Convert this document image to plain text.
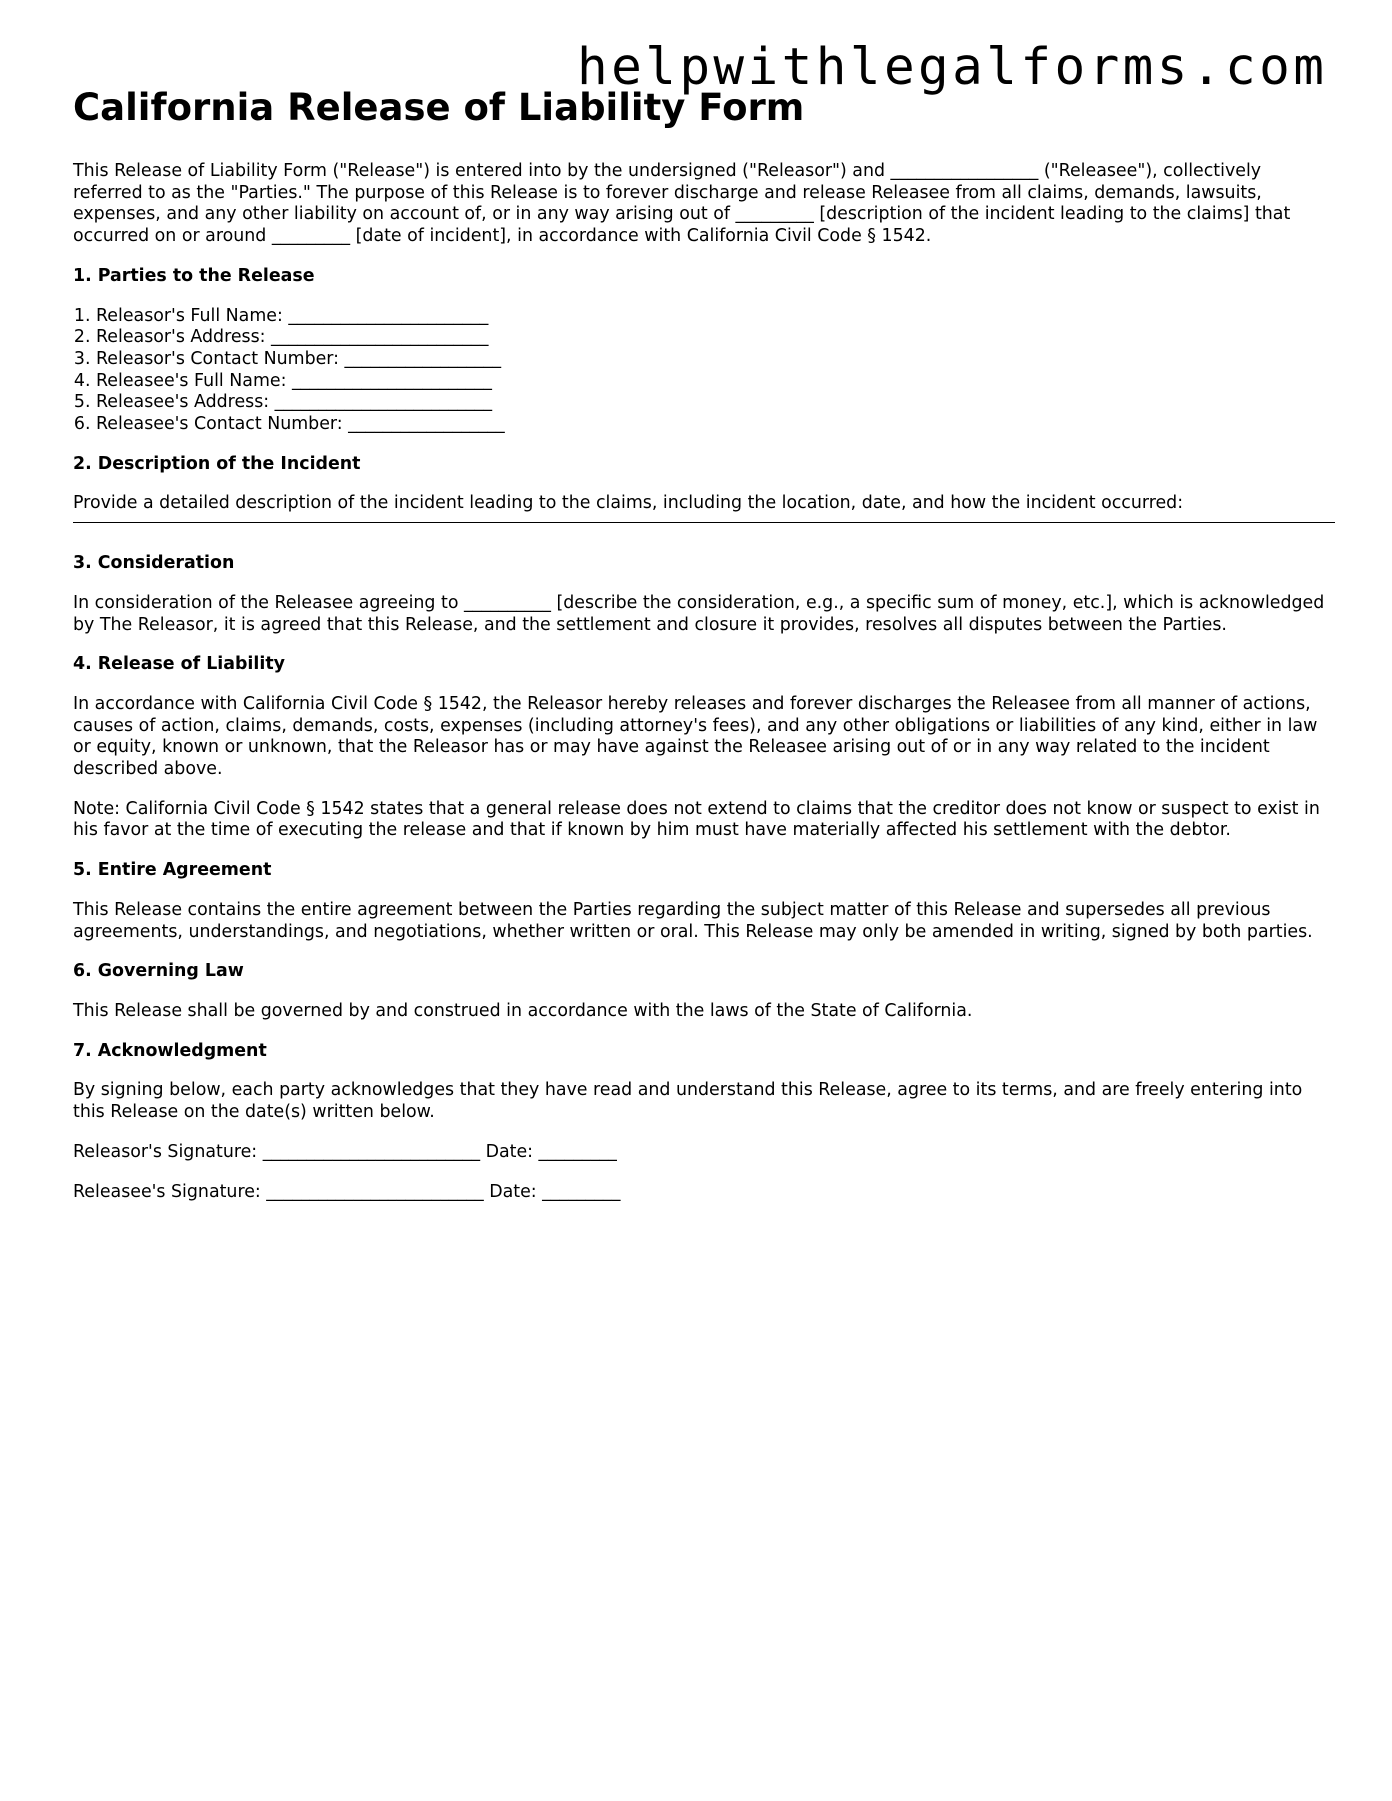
helpwithlegalforms.com
California Release of Liability Form

This Release of Liability Form ("Release") is entered into by the undersigned ("Releasor") and _________________ ("Releasee"), collectively referred to as the "Parties." The purpose of this Release is to forever discharge and release Releasee from all claims, demands, lawsuits, expenses, and any other liability on account of, or in any way arising out of _________ [description of the incident leading to the claims] that occurred on or around _________ [date of incident], in accordance with California Civil Code § 1542.

1. Parties to the Release
1. Releasor's Full Name: _______________________
2. Releasor's Address: _________________________
3. Releasor's Contact Number: __________________
4. Releasee's Full Name: _______________________
5. Releasee's Address: _________________________
6. Releasee's Contact Number: __________________
2. Description of the Incident

Provide a detailed description of the incident leading to the claims, including the location, date, and how the incident occurred:

3. Consideration

In consideration of the Releasee agreeing to __________ [describe the consideration, e.g., a specific sum of money, etc.], which is acknowledged by The Releasor, it is agreed that this Release, and the settlement and closure it provides, resolves all disputes between the Parties.

4. Release of Liability

In accordance with California Civil Code § 1542, the Releasor hereby releases and forever discharges the Releasee from all manner of actions, causes of action, claims, demands, costs, expenses (including attorney's fees), and any other obligations or liabilities of any kind, either in law or equity, known or unknown, that the Releasor has or may have against the Releasee arising out of or in any way related to the incident described above.

Note: California Civil Code § 1542 states that a general release does not extend to claims that the creditor does not know or suspect to exist in his favor at the time of executing the release and that if known by him must have materially affected his settlement with the debtor.

5. Entire Agreement

This Release contains the entire agreement between the Parties regarding the subject matter of this Release and supersedes all previous agreements, understandings, and negotiations, whether written or oral. This Release may only be amended in writing, signed by both parties.

6. Governing Law

This Release shall be governed by and construed in accordance with the laws of the State of California.

7. Acknowledgment

By signing below, each party acknowledges that they have read and understand this Release, agree to its terms, and are freely entering into this Release on the date(s) written below.

Releasor's Signature: _________________________ Date: _________

Releasee's Signature: _________________________ Date: _________
